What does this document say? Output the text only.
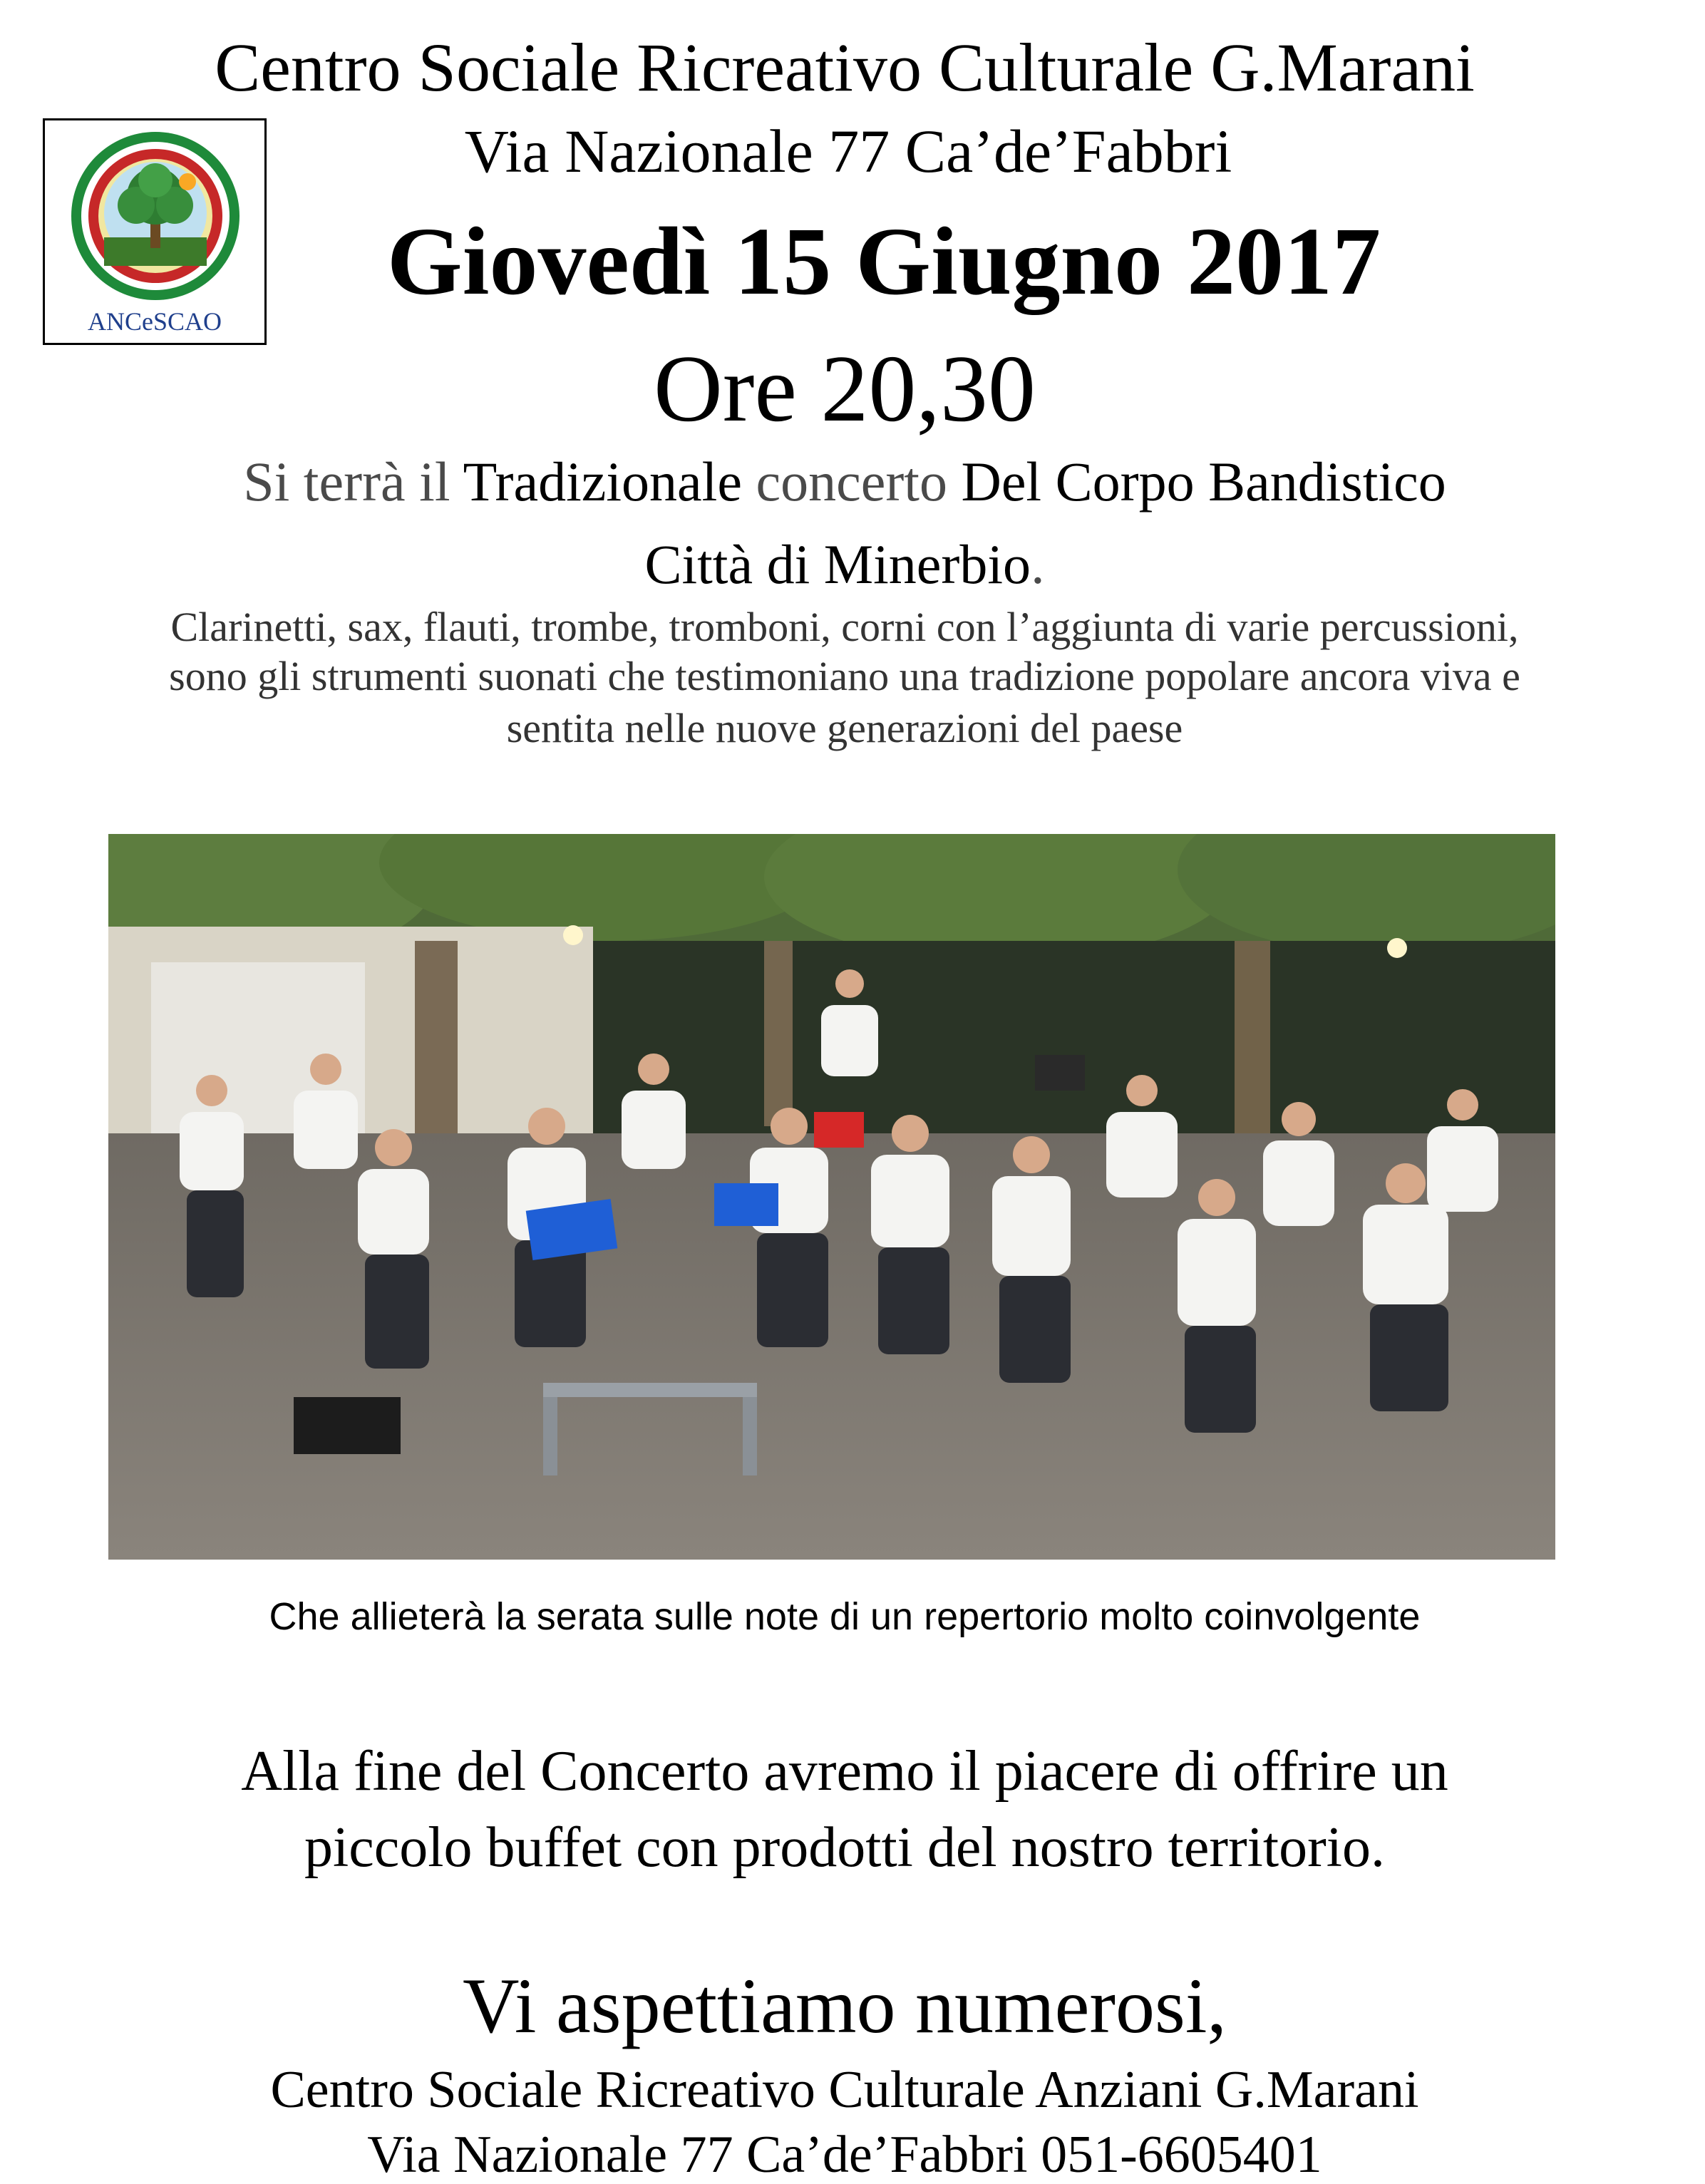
Centro Sociale Ricreativo Culturale G.Marani
ANCeSCAO
Via Nazionale 77 Ca’de’Fabbri
Giovedì 15 Giugno 2017
Ore 20,30
Si terrà il Tradizionale concerto Del Corpo Bandistico
Città di Minerbio.
Clarinetti, sax, flauti, trombe, tromboni, corni con l’aggiunta di varie percussioni,
sono gli strumenti suonati che testimoniano una tradizione popolare ancora viva e
sentita nelle nuove generazioni del paese
Che allieterà la serata sulle note di un repertorio molto coinvolgente
Alla fine del Concerto avremo il piacere di offrire un
piccolo buffet con prodotti del nostro territorio.
Vi aspettiamo numerosi,
Centro Sociale Ricreativo Culturale Anziani G.Marani
Via Nazionale 77 Ca’de’Fabbri 051-6605401
